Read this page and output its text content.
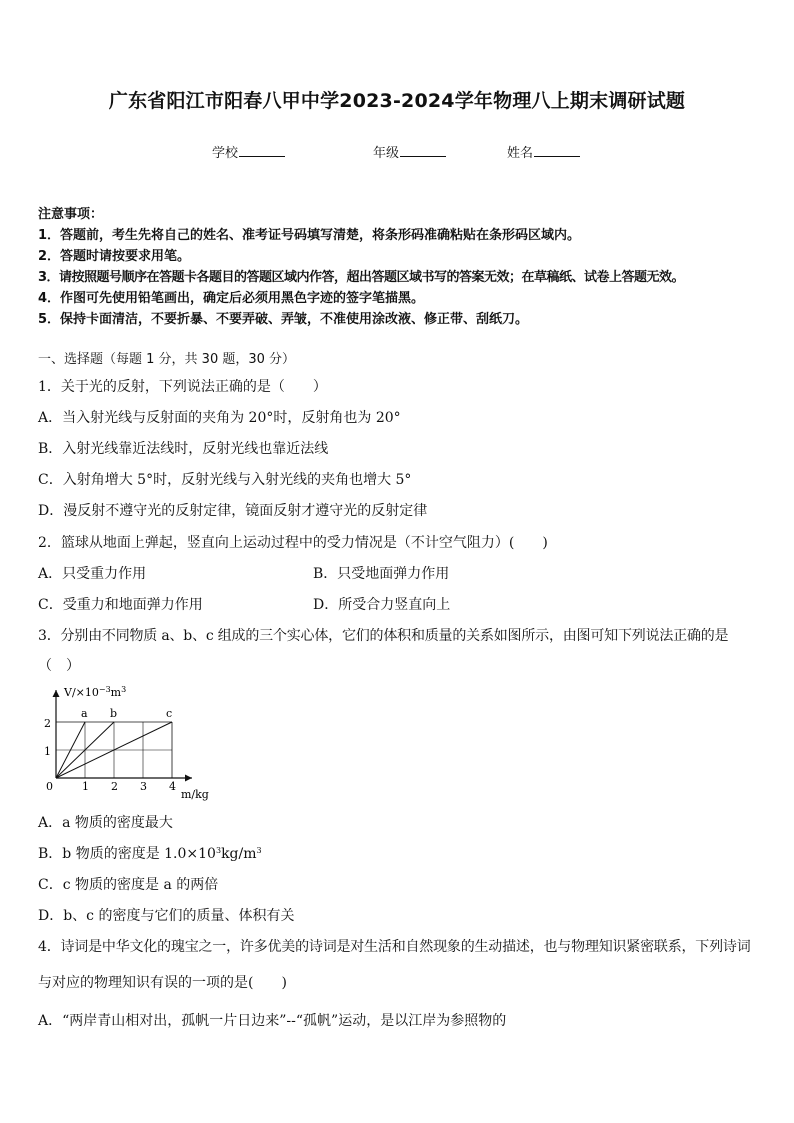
广东省阳江市阳春八甲中学2023-2024学年物理八上期末调研试题
学校	年级	姓名
注意事项：
1．答题前，考生先将自己的姓名、准考证号码填写清楚，将条形码准确粘贴在条形码区域内。
2．答题时请按要求用笔。
3．请按照题号顺序在答题卡各题目的答题区域内作答，超出答题区域书写的答案无效；在草稿纸、试卷上答题无效。
4．作图可先使用铅笔画出，确定后必须用黑色字迹的签字笔描黑。
5．保持卡面清洁，不要折暴、不要弄破、弄皱，不准使用涂改液、修正带、刮纸刀。
一、选择题（每题 1 分，共 30 题，30 分）
1．关于光的反射，下列说法正确的是（　　）
A．当入射光线与反射面的夹角为 20°时，反射角也为 20°
B．入射光线靠近法线时，反射光线也靠近法线
C．入射角增大 5°时，反射光线与入射光线的夹角也增大 5°
D．漫反射不遵守光的反射定律，镜面反射才遵守光的反射定律
2．篮球从地面上弹起，竖直向上运动过程中的受力情况是（不计空气阻力）(　　)
A．只受重力作用	B．只受地面弹力作用
C．受重力和地面弹力作用	D．所受合力竖直向上
3．分别由不同物质 a、b、c 组成的三个实心体，它们的体积和质量的关系如图所示，由图可知下列说法正确的是
（　）
$V/\times 10^{-3}m^3$
m/kg
0	1 2 3 4
1
2
a b	c
A．a 物质的密度最大
B．b 物质的密度是 $1.0\times 10^3kg/m^3$
C．c 物质的密度是 a 的两倍
D．b、c 的密度与它们的质量、体积有关
4．诗词是中华文化的瑰宝之一，许多优美的诗词是对生活和自然现象的生动描述，也与物理知识紧密联系，下列诗词
与对应的物理知识有误的一项的是(　　)
A．“两岸青山相对出，孤帆一片日边来”--“孤帆”运动，是以江岸为参照物的
